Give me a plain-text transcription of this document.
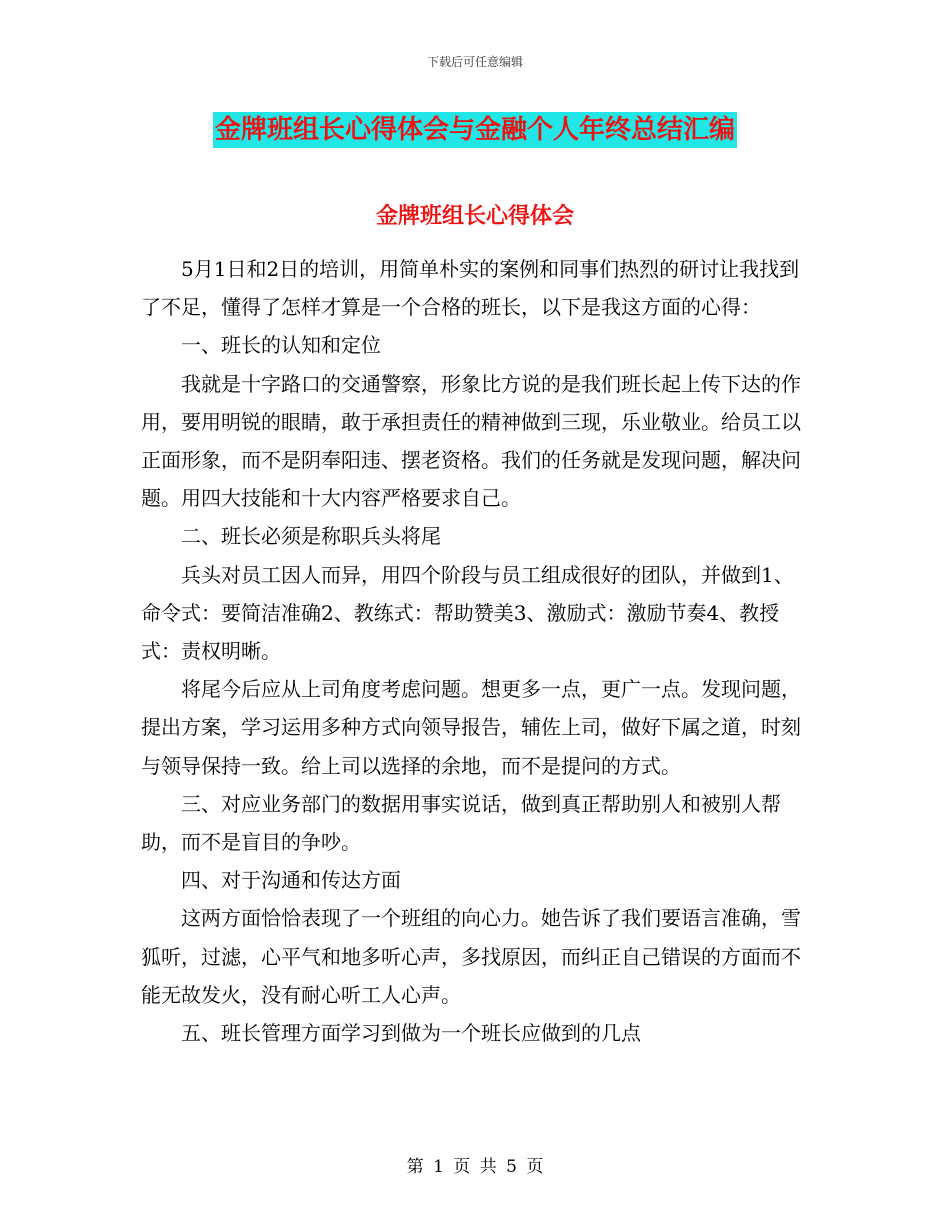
下载后可任意编辑
金牌班组长心得体会与金融个人年终总结汇编
金牌班组长心得体会

5月1日和2日的培训，用简单朴实的案例和同事们热烈的研讨让我找到了不足，懂得了怎样才算是一个合格的班长，以下是我这方面的心得：

一、班长的认知和定位

我就是十字路口的交通警察，形象比方说的是我们班长起上传下达的作用，要用明锐的眼睛，敢于承担责任的精神做到三现，乐业敬业。给员工以正面形象，而不是阴奉阳违、摆老资格。我们的任务就是发现问题，解决问题。用四大技能和十大内容严格要求自己。

二、班长必须是称职兵头将尾

兵头对员工因人而异，用四个阶段与员工组成很好的团队，并做到1、命令式：要简洁准确2、教练式：帮助赞美3、激励式：激励节奏4、教授式：责权明晰。

将尾今后应从上司角度考虑问题。想更多一点，更广一点。发现问题，提出方案，学习运用多种方式向领导报告，辅佐上司，做好下属之道，时刻与领导保持一致。给上司以选择的余地，而不是提问的方式。

三、对应业务部门的数据用事实说话，做到真正帮助别人和被别人帮助，而不是盲目的争吵。

四、对于沟通和传达方面

这两方面恰恰表现了一个班组的向心力。她告诉了我们要语言准确，雪狐听，过滤，心平气和地多听心声，多找原因，而纠正自己错误的方面而不能无故发火，没有耐心听工人心声。

五、班长管理方面学习到做为一个班长应做到的几点

第 1 页 共 5 页
